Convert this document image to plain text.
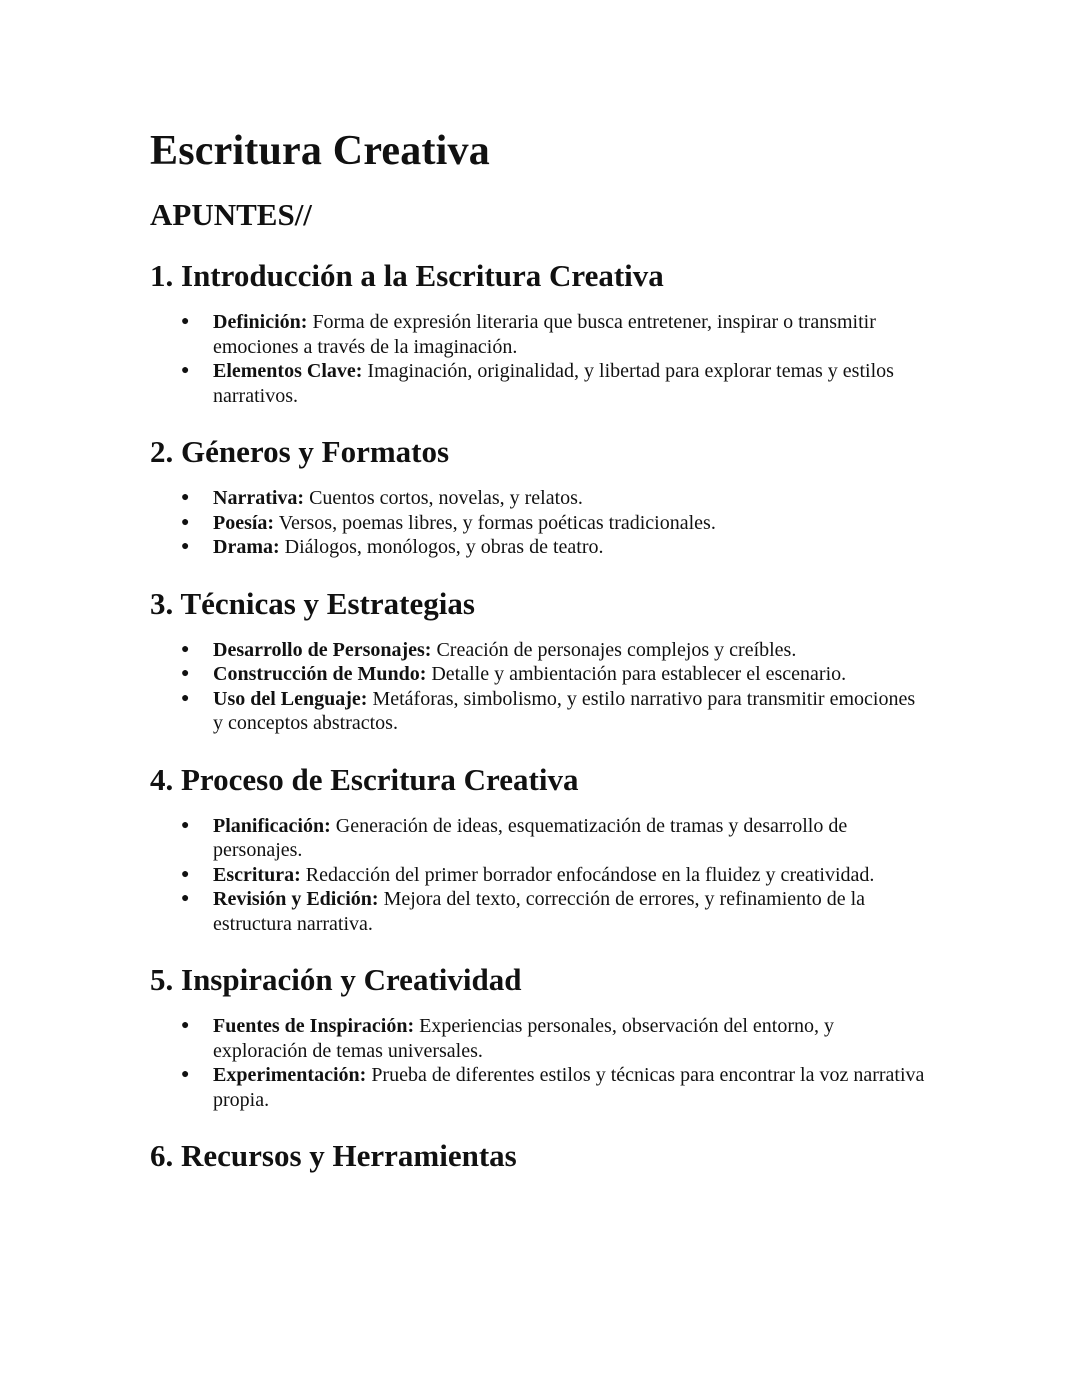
Escritura Creativa
APUNTES//
1. Introducción a la Escritura Creativa
● Definición: Forma de expresión literaria que busca entretener, inspirar o transmitir emociones a través de la imaginación.
● Elementos Clave: Imaginación, originalidad, y libertad para explorar temas y estilos narrativos.
2. Géneros y Formatos
● Narrativa: Cuentos cortos, novelas, y relatos.
● Poesía: Versos, poemas libres, y formas poéticas tradicionales.
● Drama: Diálogos, monólogos, y obras de teatro.
3. Técnicas y Estrategias
● Desarrollo de Personajes: Creación de personajes complejos y creíbles.
● Construcción de Mundo: Detalle y ambientación para establecer el escenario.
● Uso del Lenguaje: Metáforas, simbolismo, y estilo narrativo para transmitir emociones y conceptos abstractos.
4. Proceso de Escritura Creativa
● Planificación: Generación de ideas, esquematización de tramas y desarrollo de personajes.
● Escritura: Redacción del primer borrador enfocándose en la fluidez y creatividad.
● Revisión y Edición: Mejora del texto, corrección de errores, y refinamiento de la estructura narrativa.
5. Inspiración y Creatividad
● Fuentes de Inspiración: Experiencias personales, observación del entorno, y exploración de temas universales.
● Experimentación: Prueba de diferentes estilos y técnicas para encontrar la voz narrativa propia.
6. Recursos y Herramientas
